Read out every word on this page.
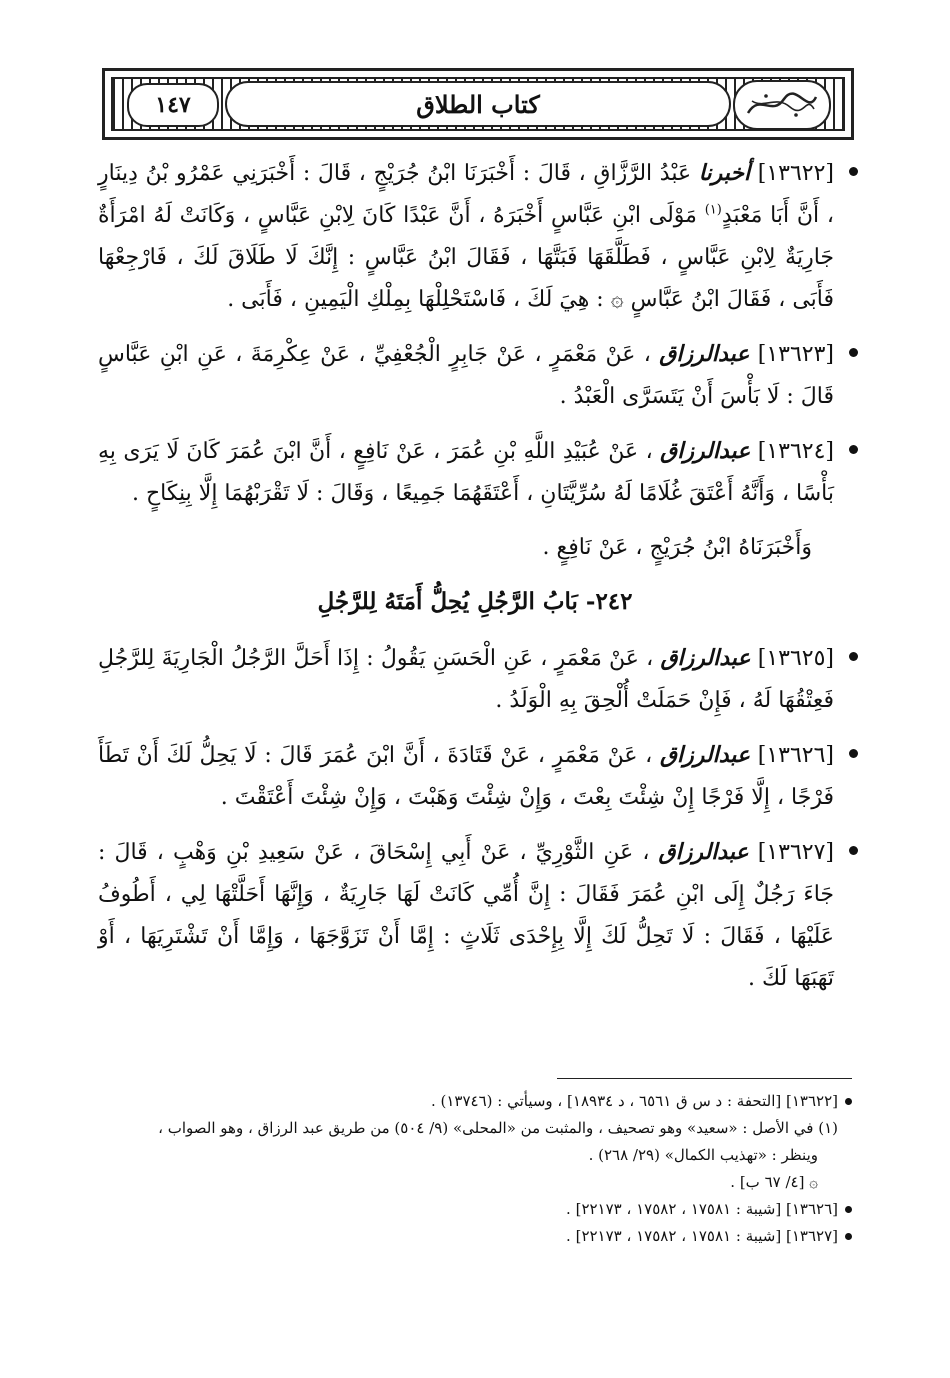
١٤٧	كتاب الطلاق

[١٣٦٢٢] أخبرنا عَبْدُ الرَّزَّاقِ ، قَالَ : أَخْبَرَنَا ابْنُ جُرَيْجٍ ، قَالَ : أَخْبَرَنِي عَمْرُو بْنُ دِينَارٍ ، أَنَّ أَبَا مَعْبَدٍ$^{(١)}$ مَوْلَى ابْنِ عَبَّاسٍ أَخْبَرَهُ ، أَنَّ عَبْدًا كَانَ لِابْنِ عَبَّاسٍ ، وَكَانَتْ لَهُ امْرَأَةٌ جَارِيَةٌ لِابْنِ عَبَّاسٍ ، فَطَلَّقَهَا فَبَتَّهَا ، فَقَالَ ابْنُ عَبَّاسٍ : إِنَّكَ لَا طَلَاقَ لَكَ ، فَارْجِعْهَا فَأَبَى ، فَقَالَ ابْنُ عَبَّاسٍ ۞ : هِيَ لَكَ ، فَاسْتَحْلِلْهَا بِمِلْكِ الْيَمِينِ ، فَأَبَى .

[١٣٦٢٣] عبدالرزاق ، عَنْ مَعْمَرٍ ، عَنْ جَابِرٍ الْجُعْفِيِّ ، عَنْ عِكْرِمَةَ ، عَنِ ابْنِ عَبَّاسٍ قَالَ : لَا بَأْسَ أَنْ يَتَسَرَّى الْعَبْدُ .

[١٣٦٢٤] عبدالرزاق ، عَنْ عُبَيْدِ اللَّهِ بْنِ عُمَرَ ، عَنْ نَافِعٍ ، أَنَّ ابْنَ عُمَرَ كَانَ لَا يَرَى بِهِ بَأْسًا ، وَأَنَّهُ أَعْتَقَ غُلَامًا لَهُ سُرِّيَّتَانِ ، أَعْتَقَهُمَا جَمِيعًا ، وَقَالَ : لَا تَقْرَبْهُمَا إِلَّا بِنِكَاحٍ .

وَأَخْبَرَنَاهُ ابْنُ جُرَيْجٍ ، عَنْ نَافِعٍ .

٢٤٢- بَابُ الرَّجُلِ يُحِلُّ أَمَتَهُ لِلرَّجُلِ

[١٣٦٢٥] عبدالرزاق ، عَنْ مَعْمَرٍ ، عَنِ الْحَسَنِ يَقُولُ : إِذَا أَحَلَّ الرَّجُلُ الْجَارِيَةَ لِلرَّجُلِ فَعِتْقُهَا لَهُ ، فَإِنْ حَمَلَتْ أُلْحِقَ بِهِ الْوَلَدُ .

[١٣٦٢٦] عبدالرزاق ، عَنْ مَعْمَرٍ ، عَنْ قَتَادَةَ ، أَنَّ ابْنَ عُمَرَ قَالَ : لَا يَحِلُّ لَكَ أَنْ تَطَأَ فَرْجًا ، إِلَّا فَرْجًا إِنْ شِئْتَ بِعْتَ ، وَإِنْ شِئْتَ وَهَبْتَ ، وَإِنْ شِئْتَ أَعْتَقْتَ .

[١٣٦٢٧] عبدالرزاق ، عَنِ الثَّوْرِيِّ ، عَنْ أَبِي إِسْحَاقَ ، عَنْ سَعِيدِ بْنِ وَهْبٍ ، قَالَ : جَاءَ رَجُلٌ إِلَى ابْنِ عُمَرَ فَقَالَ : إِنَّ أُمِّي كَانَتْ لَهَا جَارِيَةٌ ، وَإِنَّهَا أَحَلَّتْهَا لِي ، أَطُوفُ عَلَيْهَا ، فَقَالَ : لَا تَحِلُّ لَكَ إِلَّا بِإِحْدَى ثَلَاثٍ : إِمَّا أَنْ تَزَوَّجَهَا ، وَإِمَّا أَنْ تَشْتَرِيَهَا ، أَوْ تَهَبَهَا لَكَ .

[١٣٦٢٢] [التحفة : د س ق ٦٥٦١ ، د ١٨٩٣٤] ، وسيأتي : (١٣٧٤٦) .

(١) في الأصل : «سعيد» وهو تصحيف ، والمثبت من «المحلى» (٩/ ٥٠٤) من طريق عبد الرزاق ، وهو الصواب ،

وينظر : «تهذيب الكمال» (٢٩/ ٢٦٨) .

۞ [٤/ ٦٧ ب] .

[١٣٦٢٦] [شيبة : ١٧٥٨١ ، ١٧٥٨٢ ، ٢٢١٧٣] .

[١٣٦٢٧] [شيبة : ١٧٥٨١ ، ١٧٥٨٢ ، ٢٢١٧٣] .
